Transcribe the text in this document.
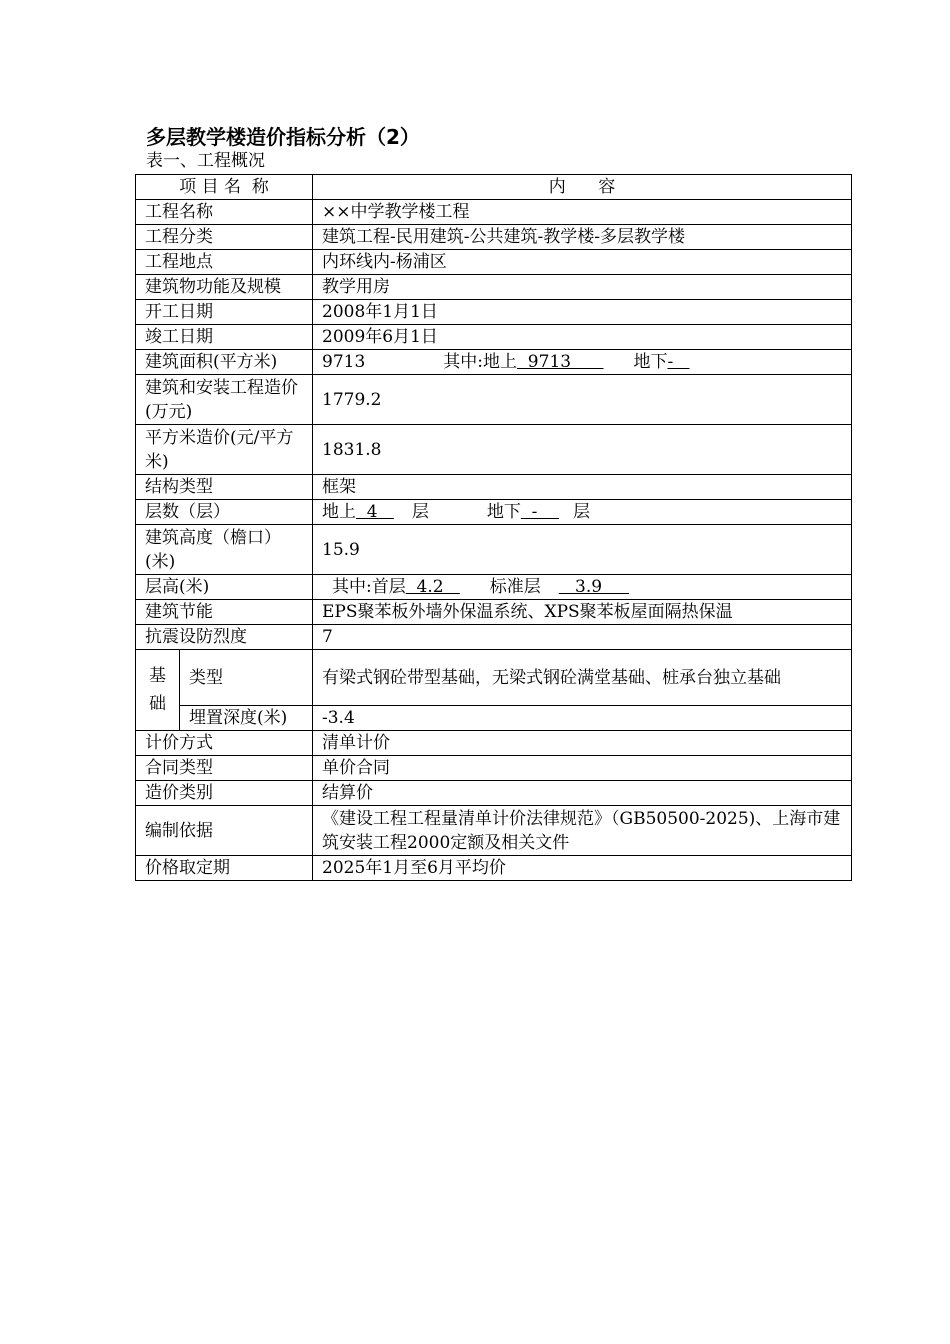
多层教学楼造价指标分析（2）

表一、工程概况

项 目 名  称		内      容
工程名称		××中学教学楼工程
工程分类		建筑工程-民用建筑-公共建筑-教学楼-多层教学楼
工程地点		内环线内-杨浦区
建筑物功能及规模		教学用房
开工日期		2008年1月1日
竣工日期		2009年6月1日
建筑面积(平方米)		9713 其中:地上  9713      地下-
建筑和安装工程造价(万元)		1779.2
平方米造价(元/平方米)		1831.8
结构类型		框架
层数（层）		地上  4   层 地下  -    层
建筑高度（檐口）(米)		15.9
层高(米)		其中:首层  4.2   标准层   3.9
建筑节能		EPS聚苯板外墙外保温系统、XPS聚苯板屋面隔热保温
抗震设防烈度		7

基
础	类型	有梁式钢砼带型基础，无梁式钢砼满堂基础、桩承台独立基础
	埋置深度(米)	-3.4
计价方式		清单计价
合同类型		单价合同
造价类别		结算价
编制依据		《建设工程工程量清单计价法律规范》（GB50500-2025)、上海市建筑安装工程2000定额及相关文件
价格取定期		2025年1月至6月平均价
